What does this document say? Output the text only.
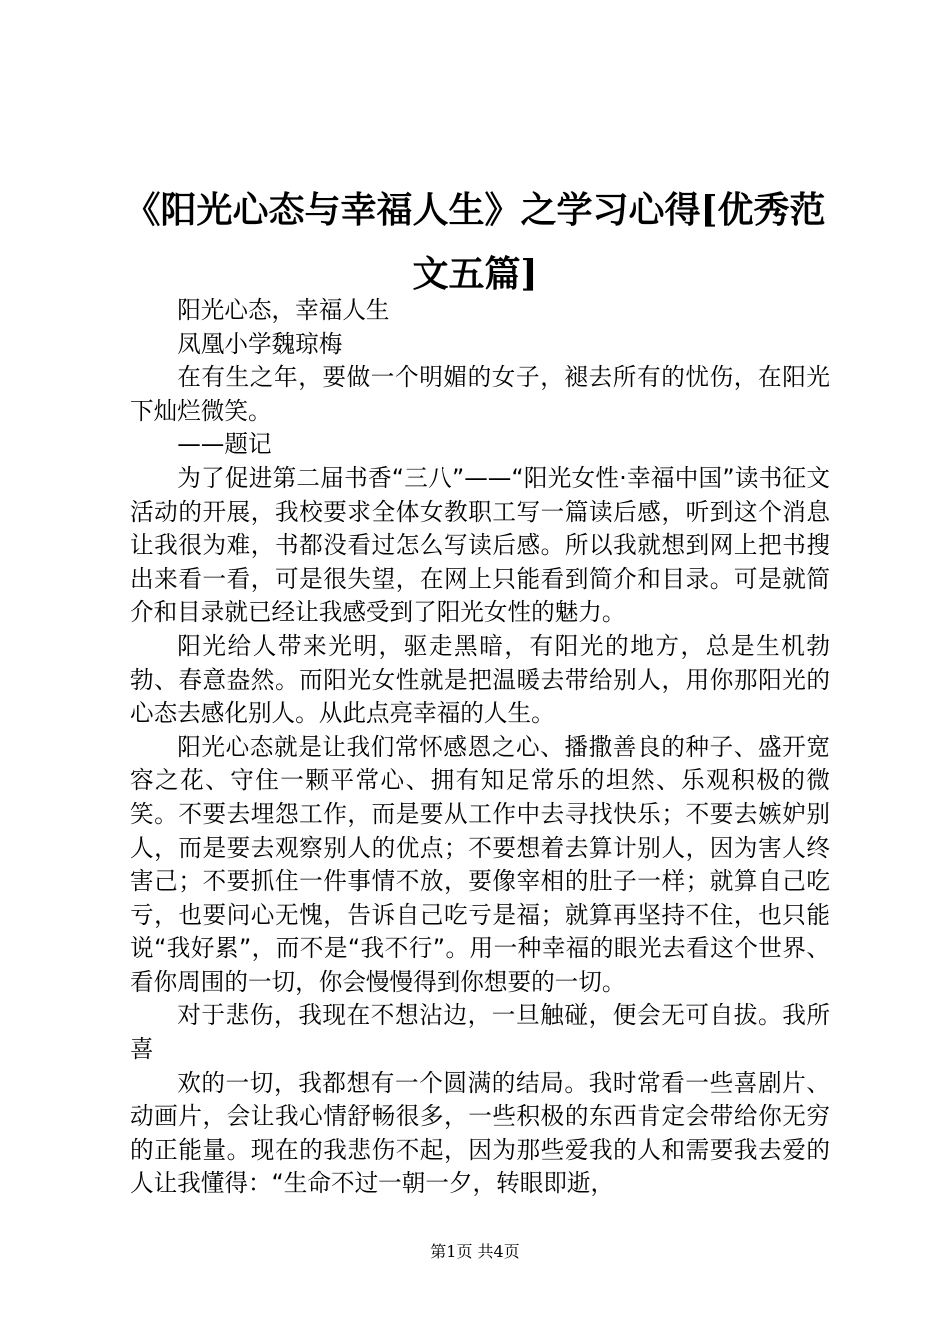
《阳光心态与幸福人生》之学习心得[优秀范文五篇]

阳光心态，幸福人生

凤凰小学魏琼梅

在有生之年，要做一个明媚的女子，褪去所有的忧伤，在阳光下灿烂微笑。

——题记

为了促进第二届书香“三八”——“阳光女性·幸福中国”读书征文活动的开展，我校要求全体女教职工写一篇读后感，听到这个消息让我很为难，书都没看过怎么写读后感。所以我就想到网上把书搜出来看一看，可是很失望，在网上只能看到简介和目录。可是就简介和目录就已经让我感受到了阳光女性的魅力。

阳光给人带来光明，驱走黑暗，有阳光的地方，总是生机勃勃、春意盎然。而阳光女性就是把温暖去带给别人，用你那阳光的心态去感化别人。从此点亮幸福的人生。

阳光心态就是让我们常怀感恩之心、播撒善良的种子、盛开宽容之花、守住一颗平常心、拥有知足常乐的坦然、乐观积极的微笑。不要去埋怨工作，而是要从工作中去寻找快乐；不要去嫉妒别人，而是要去观察别人的优点；不要想着去算计别人，因为害人终害己；不要抓住一件事情不放，要像宰相的肚子一样；就算自己吃亏，也要问心无愧，告诉自己吃亏是福；就算再坚持不住，也只能说“我好累”，而不是“我不行”。用一种幸福的眼光去看这个世界、看你周围的一切，你会慢慢得到你想要的一切。

对于悲伤，我现在不想沾边，一旦触碰，便会无可自拔。我所喜

欢的一切，我都想有一个圆满的结局。我时常看一些喜剧片、动画片，会让我心情舒畅很多，一些积极的东西肯定会带给你无穷的正能量。现在的我悲伤不起，因为那些爱我的人和需要我去爱的人让我懂得：“生命不过一朝一夕，转眼即逝，

第1页 共4页
